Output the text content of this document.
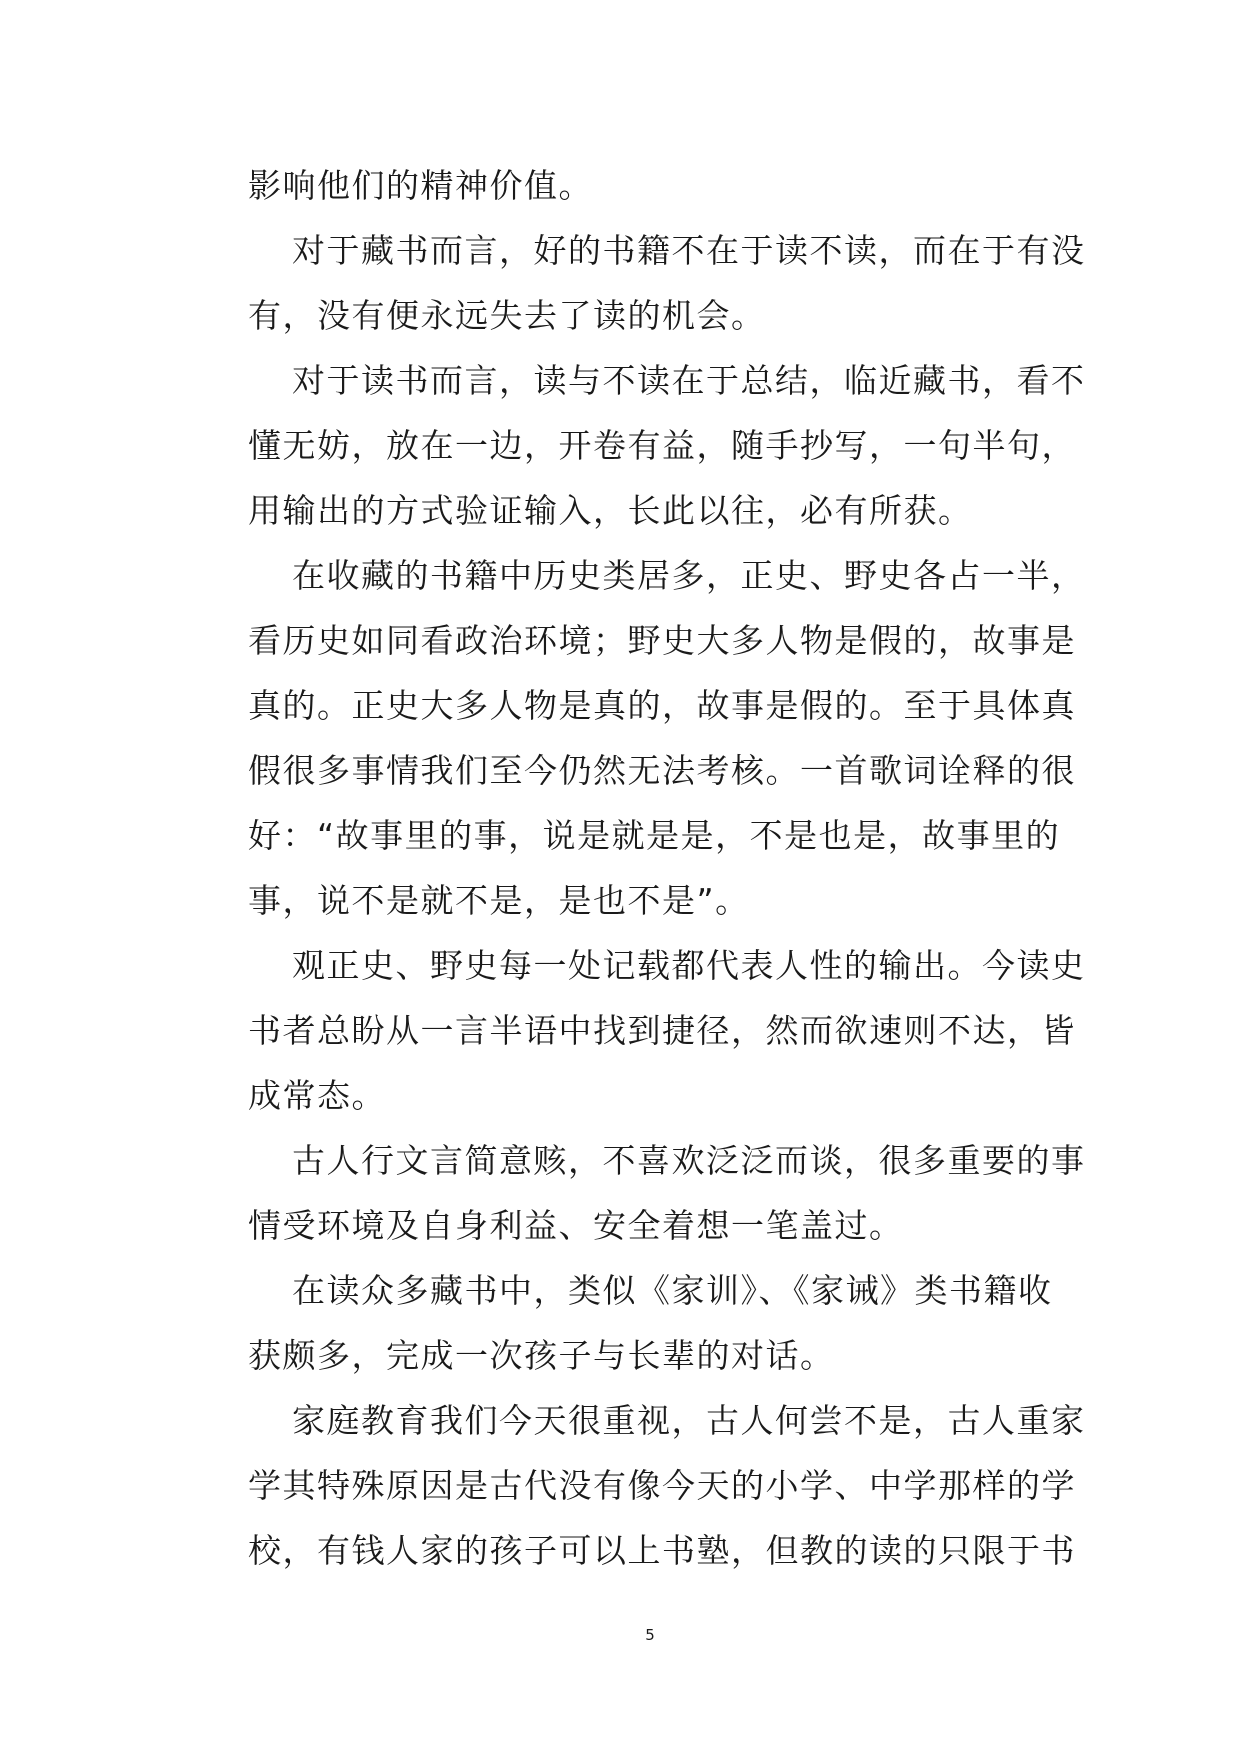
影响他们的精神价值。
对于藏书而言，好的书籍不在于读不读，而在于有没
有，没有便永远失去了读的机会。
对于读书而言，读与不读在于总结，临近藏书，看不
懂无妨，放在一边，开卷有益，随手抄写，一句半句，
用输出的方式验证输入，长此以往，必有所获。
在收藏的书籍中历史类居多，正史、野史各占一半，
看历史如同看政治环境；野史大多人物是假的，故事是
真的。正史大多人物是真的，故事是假的。至于具体真
假很多事情我们至今仍然无法考核。一首歌词诠释的很
好：“故事里的事，说是就是是，不是也是，故事里的
事，说不是就不是，是也不是”。
观正史、野史每一处记载都代表人性的输出。今读史
书者总盼从一言半语中找到捷径，然而欲速则不达，皆
成常态。
古人行文言简意赅，不喜欢泛泛而谈，很多重要的事
情受环境及自身利益、安全着想一笔盖过。
在读众多藏书中，类似《家训》、《家诫》类书籍收
获颇多，完成一次孩子与长辈的对话。
家庭教育我们今天很重视，古人何尝不是，古人重家
学其特殊原因是古代没有像今天的小学、中学那样的学
校，有钱人家的孩子可以上书塾，但教的读的只限于书
5
